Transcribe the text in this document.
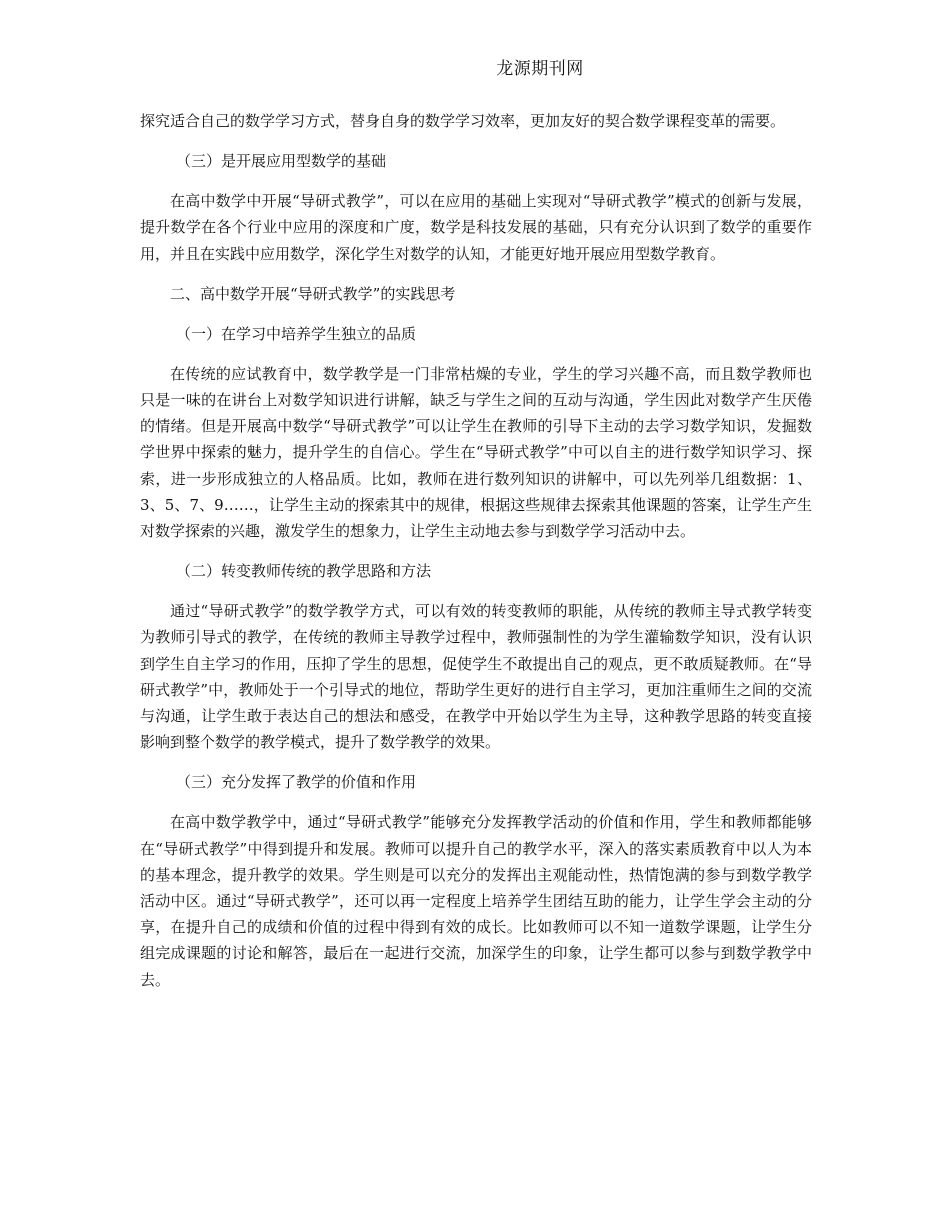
龙源期刊网

探究适合自己的数学学习方式，替身自身的数学学习效率，更加友好的契合数学课程变革的需要。

（三）是开展应用型数学的基础

在高中数学中开展“导研式教学”，可以在应用的基础上实现对“导研式教学”模式的创新与发展，提升数学在各个行业中应用的深度和广度，数学是科技发展的基础，只有充分认识到了数学的重要作用，并且在实践中应用数学，深化学生对数学的认知，才能更好地开展应用型数学教育。

二、高中数学开展“导研式教学”的实践思考

（一）在学习中培养学生独立的品质

在传统的应试教育中，数学教学是一门非常枯燥的专业，学生的学习兴趣不高，而且数学教师也只是一味的在讲台上对数学知识进行讲解，缺乏与学生之间的互动与沟通，学生因此对数学产生厌倦的情绪。但是开展高中数学“导研式教学”可以让学生在教师的引导下主动的去学习数学知识，发掘数学世界中探索的魅力，提升学生的自信心。学生在“导研式教学”中可以自主的进行数学知识学习、探索，进一步形成独立的人格品质。比如，教师在进行数列知识的讲解中，可以先列举几组数据：1、3、5、7、9……，让学生主动的探索其中的规律，根据这些规律去探索其他课题的答案，让学生产生对数学探索的兴趣，激发学生的想象力，让学生主动地去参与到数学学习活动中去。

（二）转变教师传统的教学思路和方法

通过“导研式教学”的数学教学方式，可以有效的转变教师的职能，从传统的教师主导式教学转变为教师引导式的教学，在传统的教师主导教学过程中，教师强制性的为学生灌输数学知识，没有认识到学生自主学习的作用，压抑了学生的思想，促使学生不敢提出自己的观点，更不敢质疑教师。在“导研式教学”中，教师处于一个引导式的地位，帮助学生更好的进行自主学习，更加注重师生之间的交流与沟通，让学生敢于表达自己的想法和感受，在教学中开始以学生为主导，这种教学思路的转变直接影响到整个数学的教学模式，提升了数学教学的效果。

（三）充分发挥了教学的价值和作用

在高中数学教学中，通过“导研式教学”能够充分发挥教学活动的价值和作用，学生和教师都能够在“导研式教学”中得到提升和发展。教师可以提升自己的教学水平，深入的落实素质教育中以人为本的基本理念，提升教学的效果。学生则是可以充分的发挥出主观能动性，热情饱满的参与到数学教学活动中区。通过“导研式教学”，还可以再一定程度上培养学生团结互助的能力，让学生学会主动的分享，在提升自己的成绩和价值的过程中得到有效的成长。比如教师可以不知一道数学课题，让学生分组完成课题的讨论和解答，最后在一起进行交流，加深学生的印象，让学生都可以参与到数学教学中去。
